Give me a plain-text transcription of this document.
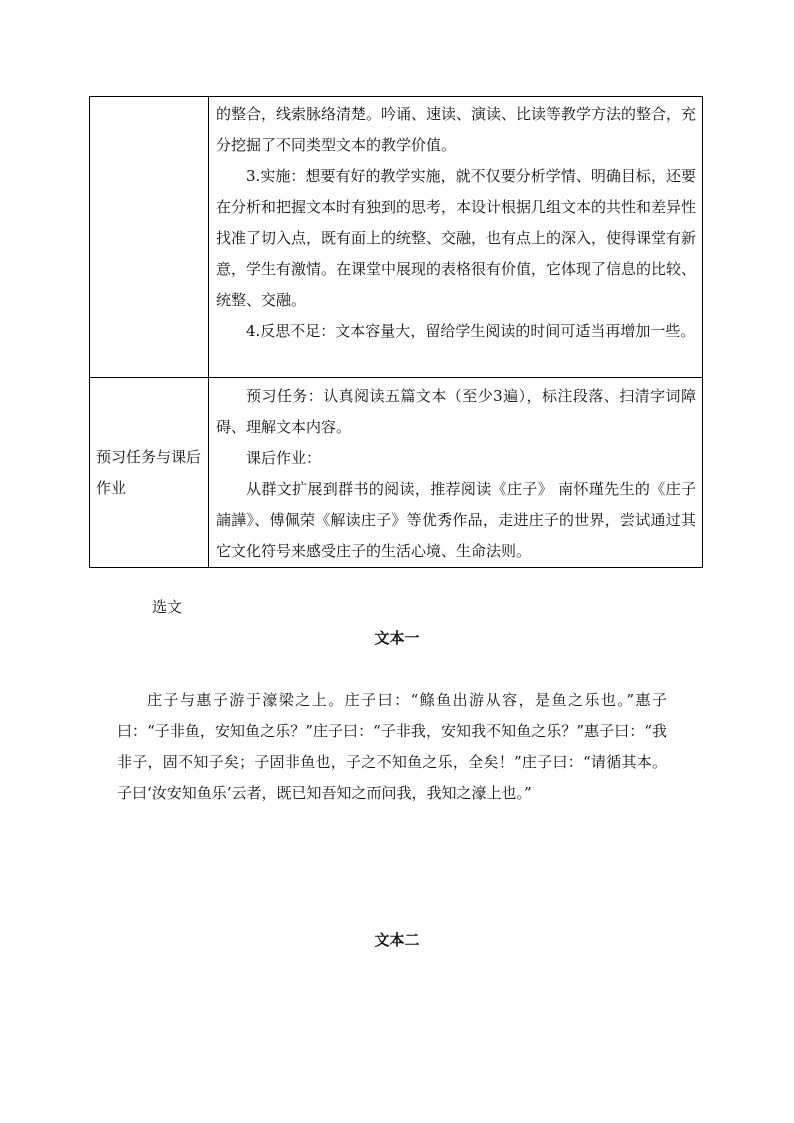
	的整合，线索脉络清楚。吟诵、速读、演读、比读等教学方法的整合，充分挖掘了不同类型文本的教学价值。

3.实施：想要有好的教学实施，就不仅要分析学情、明确目标，还要在分析和把握文本时有独到的思考，本设计根据几组文本的共性和差异性找准了切入点，既有面上的统整、交融，也有点上的深入，使得课堂有新意，学生有激情。在课堂中展现的表格很有价值，它体现了信息的比较、统整、交融。

4.反思不足：文本容量大，留给学生阅读的时间可适当再增加一些。

预习任务与课后作业	预习任务：认真阅读五篇文本（至少3遍），标注段落、扫清字词障碍、理解文本内容。

课后作业：

从群文扩展到群书的阅读，推荐阅读《庄子》 南怀瑾先生的《庄子諵譁》、傅佩荣《解读庄子》等优秀作品，走进庄子的世界，尝试通过其它文化符号来感受庄子的生活心境、生命法则。

选文
文本一

庄子与惠子游于濠梁之上。庄子曰：“鲦鱼出游从容，是鱼之乐也。”惠子曰：“子非鱼，安知鱼之乐？”庄子曰：“子非我，安知我不知鱼之乐？”惠子曰：“我非子，固不知子矣；子固非鱼也，子之不知鱼之乐，全矣！”庄子曰：“请循其本。子曰‘汝安知鱼乐’云者，既已知吾知之而问我，我知之濠上也。”

文本二
